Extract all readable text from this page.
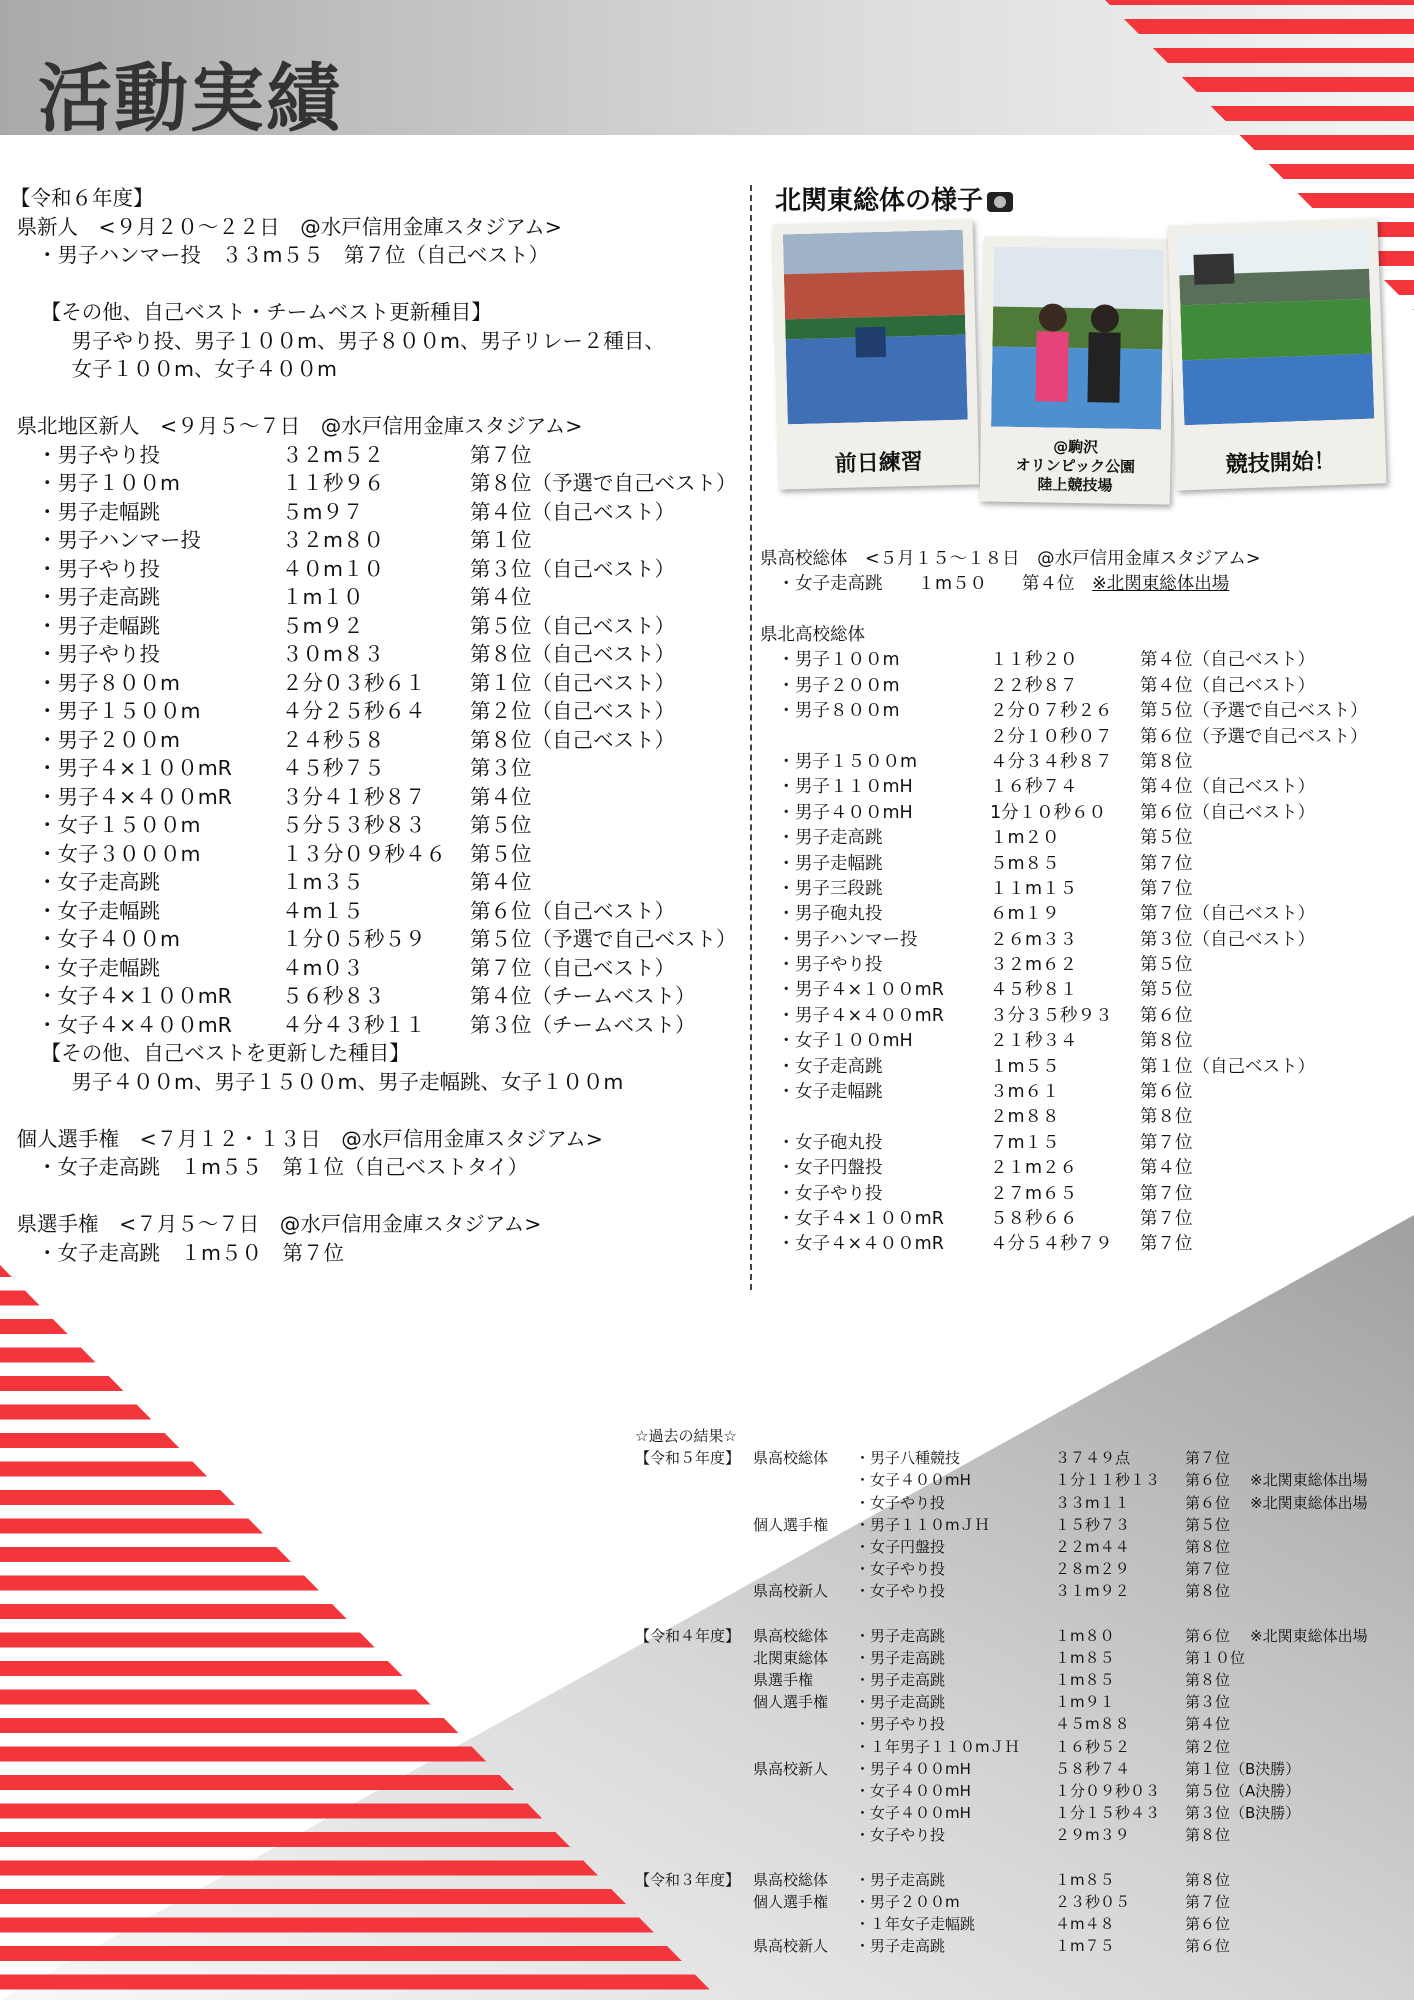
活動実績
【令和６年度】
県新人　<９月２０～２２日　@水戸信用金庫スタジアム>
　 ・男子ハンマー投　３３m５５　第７位（自己ベスト）
　　【その他、自己ベスト・チームベスト更新種目】
　　　男子やり投、男子１００m、男子８００m、男子リレー２種目、
　　　女子１００m、女子４００m
県北地区新人　<９月５～７日　@水戸信用金庫スタジアム>
　 ・男子やり投	３２m５２	第７位
　 ・男子１００m	１１秒９６	第８位（予選で自己ベスト）
　 ・男子走幅跳	５m９７	第４位（自己ベスト）
　 ・男子ハンマー投	３２m８０	第１位
　 ・男子やり投	４０m１０	第３位（自己ベスト）
　 ・男子走高跳	１m１０	第４位
　 ・男子走幅跳	５m９２	第５位（自己ベスト）
　 ・男子やり投	３０m８３	第８位（自己ベスト）
　 ・男子８００m	２分０３秒６１ 第１位（自己ベスト）
　 ・男子１５００m	４分２５秒６４ 第２位（自己ベスト）
　 ・男子２００m	２４秒５８	第８位（自己ベスト）
　 ・男子４×１００mR ４５秒７５	第３位
　 ・男子４×４００mR ３分４１秒８７ 第４位
　 ・女子１５００m	５分５３秒８３ 第５位
　 ・女子３０００m	１３分０９秒４６ 第５位
　 ・女子走高跳	１m３５	第４位
　 ・女子走幅跳	４m１５	第６位（自己ベスト）
　 ・女子４００m	１分０５秒５９ 第５位（予選で自己ベスト）
　 ・女子走幅跳	４m０３	第７位（自己ベスト）
　 ・女子４×１００mR ５６秒８３	第４位（チームベスト）
　 ・女子４×４００mR ４分４３秒１１ 第３位（チームベスト）
　　【その他、自己ベストを更新した種目】
　　　男子４００m、男子１５００m、男子走幅跳、女子１００m
個人選手権　<７月１２・１３日　@水戸信用金庫スタジアム>
　 ・女子走高跳　１m５５　第１位（自己ベストタイ）
県選手権　<７月５～７日　@水戸信用金庫スタジアム>
　 ・女子走高跳　１m５０　第７位
北関東総体の様子
前日練習
@駒沢
オリンピック公園
陸上競技場
競技開始！
県高校総体　<５月１５～１８日　@水戸信用金庫スタジアム>
　・女子走高跳　　１m５０　　第４位　※北関東総体出場
県北高校総体
　・男子１００m	１１秒２０	第４位（自己ベスト）
　・男子２００m	２２秒８７	第４位（自己ベスト）
　・男子８００m	２分０７秒２６ 第５位（予選で自己ベスト）
２分１０秒０７ 第６位（予選で自己ベスト）
　・男子１５００m	４分３４秒８７ 第８位
　・男子１１０mH	１６秒７４	第４位（自己ベスト）
　・男子４００mH	1分１０秒６０ 第６位（自己ベスト）
　・男子走高跳	１m２０	第５位
　・男子走幅跳	５m８５	第７位
　・男子三段跳	１１m１５	第７位
　・男子砲丸投	６m１９	第７位（自己ベスト）
　・男子ハンマー投	２６m３３	第３位（自己ベスト）
　・男子やり投	３２m６２	第５位
　・男子４×１００mR	４５秒８１	第５位
　・男子４×４００mR	３分３５秒９３ 第６位
　・女子１００mH	２１秒３４	第８位
　・女子走高跳	１m５５	第１位（自己ベスト）
　・女子走幅跳	３m６１	第６位
２m８８	第８位
　・女子砲丸投	７m１５	第７位
　・女子円盤投	２１m２６	第４位
　・女子やり投	２７m６５	第７位
　・女子４×１００mR	５８秒６６	第７位
　・女子４×４００mR	４分５４秒７９ 第７位
☆過去の結果☆
【令和５年度】 県高校総体 ・男子八種競技	３７４９点	第７位
・女子４００mH	１分１１秒１３ 第６位 ※北関東総体出場
・女子やり投	３３m１１	第６位 ※北関東総体出場
個人選手権 ・男子１１０mＪＨ	１５秒７３	第５位
・女子円盤投	２２m４４	第８位
・女子やり投	２８m２９	第７位
県高校新人 ・女子やり投	３１m９２	第８位
【令和４年度】 県高校総体 ・男子走高跳	１m８０	第６位 ※北関東総体出場
北関東総体 ・男子走高跳	１m８５	第１０位
県選手権	・男子走高跳	１m８５	第８位
個人選手権 ・男子走高跳	１m９１	第３位
・男子やり投	４５m８８	第４位
・１年男子１１０mＪＨ １６秒５２	第２位
県高校新人 ・男子４００mH	５８秒７４	第１位（B決勝）
・女子４００mH	１分０９秒０３ 第５位（A決勝）
・女子４００mH	１分１５秒４３ 第３位（B決勝）
・女子やり投	２９m３９	第８位
【令和３年度】 県高校総体 ・男子走高跳	１m８５	第８位
個人選手権 ・男子２００m	２３秒０５	第７位
・１年女子走幅跳	４m４８	第６位
県高校新人 ・男子走高跳	１m７５	第６位
